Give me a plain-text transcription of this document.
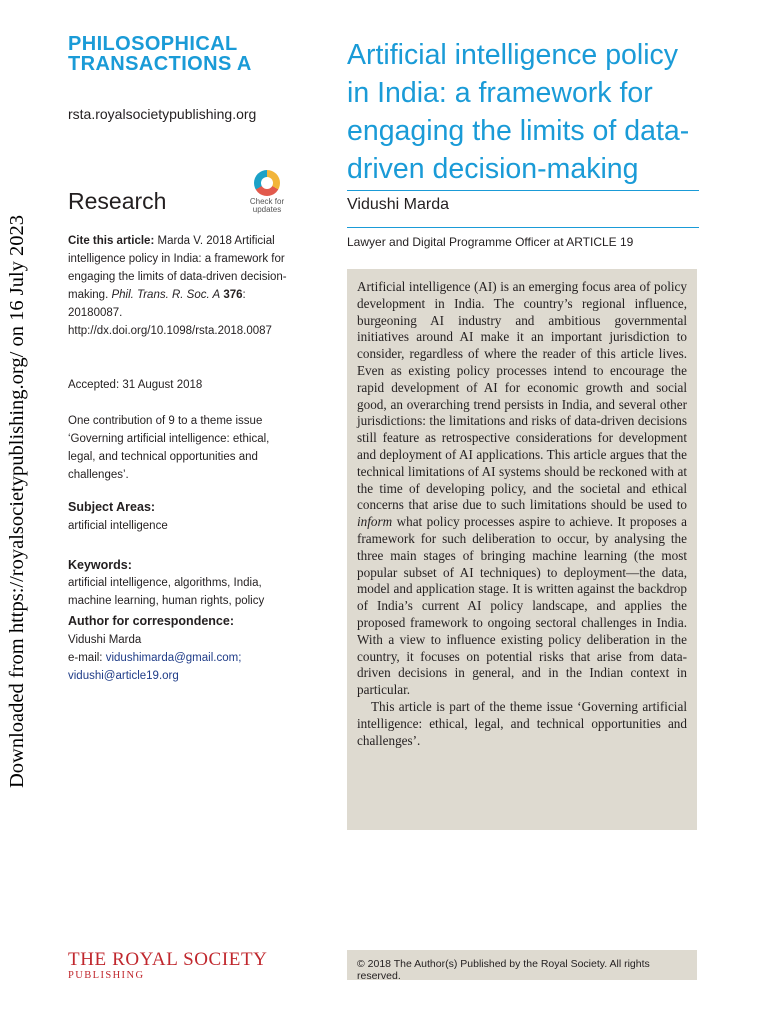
Downloaded from https://royalsocietypublishing.org/ on 16 July 2023
PHILOSOPHICAL
TRANSACTIONS A
rsta.royalsocietypublishing.org
Research	Check for
updates
Cite this article: Marda V. 2018 Artificial intelligence policy in India: a framework for engaging the limits of data-driven decision-making. Phil. Trans. R. Soc. A 376: 20180087.
http://dx.doi.org/10.1098/rsta.2018.0087
Accepted: 31 August 2018
One contribution of 9 to a theme issue ‘Governing artificial intelligence: ethical, legal, and technical opportunities and challenges’.
Subject Areas:
artificial intelligence
Keywords:
artificial intelligence, algorithms, India, machine learning, human rights, policy
Author for correspondence:
Vidushi Marda
e-mail: vidushimarda@gmail.com;
vidushi@article19.org
Artificial intelligence policy in India: a framework for engaging the limits of data-driven decision-making
Vidushi Marda
Lawyer and Digital Programme Officer at ARTICLE 19

Artificial intelligence (AI) is an emerging focus area of policy development in India. The country’s regional influence, burgeoning AI industry and ambitious governmental initiatives around AI make it an important jurisdiction to consider, regardless of where the reader of this article lives. Even as existing policy processes intend to encourage the rapid development of AI for economic growth and social good, an overarching trend persists in India, and several other jurisdictions: the limitations and risks of data-driven decisions still feature as retrospective considerations for development and deployment of AI applications. This article argues that the technical limitations of AI systems should be reckoned with at the time of developing policy, and the societal and ethical concerns that arise due to such limitations should be used to inform what policy processes aspire to achieve. It proposes a framework for such deliberation to occur, by analysing the three main stages of bringing machine learning (the most popular subset of AI techniques) to deployment—the data, model and application stage. It is written against the backdrop of India’s current AI policy landscape, and applies the proposed framework to ongoing sectoral challenges in India. With a view to influence existing policy deliberation in the country, it focuses on potential risks that arise from data-driven decisions in general, and in the Indian context in particular.

This article is part of the theme issue ‘Governing artificial intelligence: ethical, legal, and technical opportunities and challenges’.

© 2018 The Author(s) Published by the Royal Society. All rights reserved.
THE ROYAL SOCIETY
PUBLISHING
